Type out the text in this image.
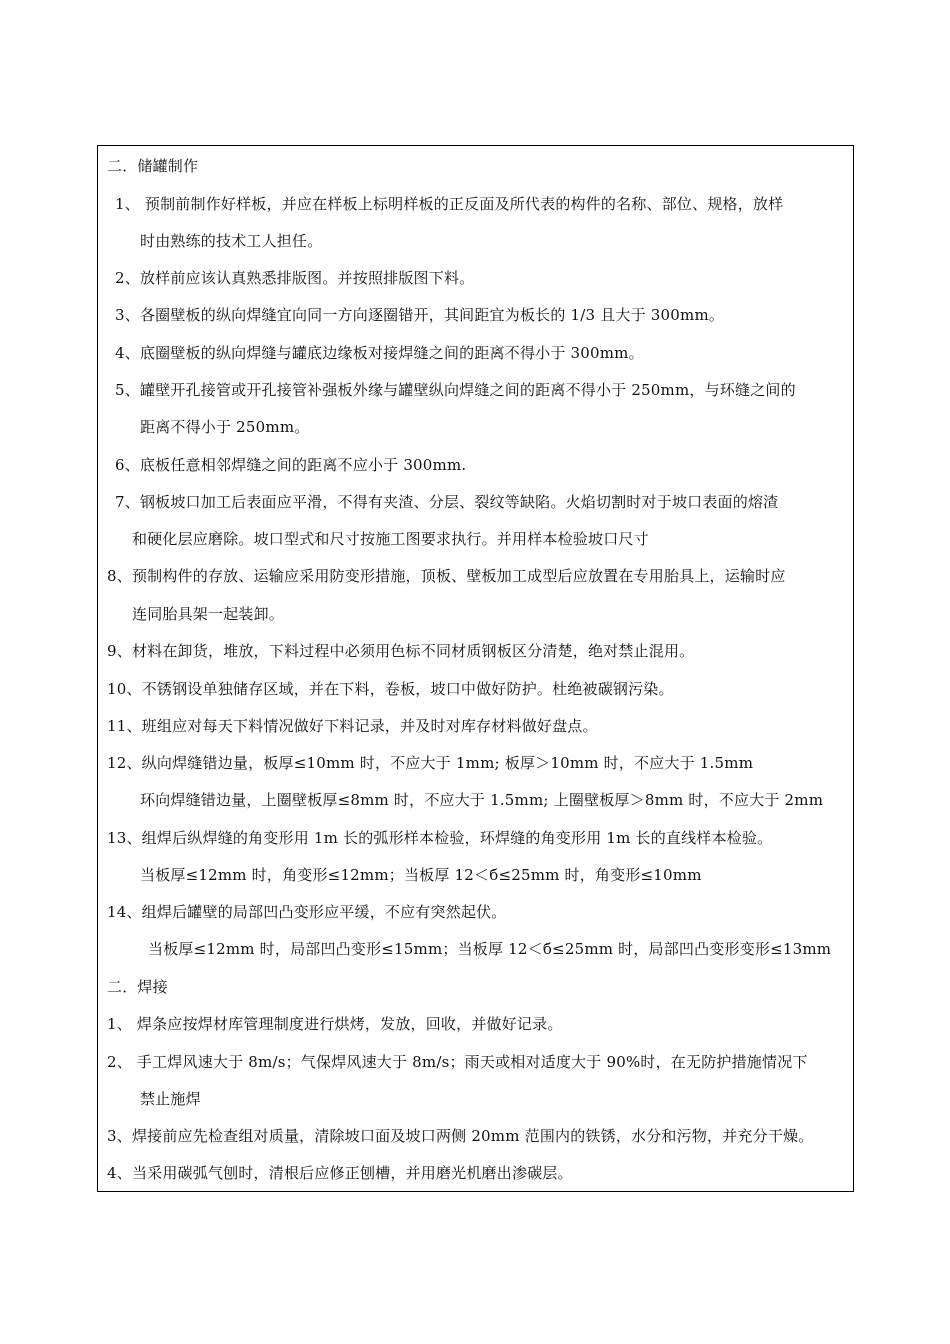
二．储罐制作
1、 预制前制作好样板，并应在样板上标明样板的正反面及所代表的构件的名称、部位、规格，放样
时由熟练的技术工人担任。
2、放样前应该认真熟悉排版图。并按照排版图下料。
3、各圈壁板的纵向焊缝宜向同一方向逐圈错开，其间距宜为板长的 1/3 且大于 300mm。
4、底圈壁板的纵向焊缝与罐底边缘板对接焊缝之间的距离不得小于 300mm。
5、罐壁开孔接管或开孔接管补强板外缘与罐壁纵向焊缝之间的距离不得小于 250mm，与环缝之间的
距离不得小于 250mm。
6、底板任意相邻焊缝之间的距离不应小于 300mm.
7、钢板坡口加工后表面应平滑，不得有夹渣、分层、裂纹等缺陷。火焰切割时对于坡口表面的熔渣
和硬化层应磨除。坡口型式和尺寸按施工图要求执行。并用样本检验坡口尺寸
8、预制构件的存放、运输应采用防变形措施，顶板、壁板加工成型后应放置在专用胎具上，运输时应
连同胎具架一起装卸。
9、材料在卸货，堆放，下料过程中必须用色标不同材质钢板区分清楚，绝对禁止混用。
10、不锈钢设单独储存区域，并在下料，卷板，坡口中做好防护。杜绝被碳钢污染。
11、班组应对每天下料情况做好下料记录，并及时对库存材料做好盘点。
12、纵向焊缝错边量，板厚≤10mm 时，不应大于 1mm; 板厚＞10mm 时，不应大于 1.5mm
环向焊缝错边量，上圈壁板厚≤8mm 时，不应大于 1.5mm; 上圈壁板厚＞8mm 时，不应大于 2mm
13、组焊后纵焊缝的角变形用 1m 长的弧形样本检验，环焊缝的角变形用 1m 长的直线样本检验。
当板厚≤12mm 时，角变形≤12mm；当板厚 12＜б≤25mm 时，角变形≤10mm
14、组焊后罐壁的局部凹凸变形应平缓，不应有突然起伏。
当板厚≤12mm 时，局部凹凸变形≤15mm；当板厚 12＜б≤25mm 时，局部凹凸变形变形≤13mm
二．焊接
1、 焊条应按焊材库管理制度进行烘烤，发放，回收，并做好记录。
2、 手工焊风速大于 8m/s；气保焊风速大于 8m/s；雨天或相对适度大于 90%时，在无防护措施情况下
禁止施焊
3、焊接前应先检查组对质量，清除坡口面及坡口两侧 20mm 范围内的铁锈，水分和污物，并充分干燥。
4、当采用碳弧气刨时，清根后应修正刨槽，并用磨光机磨出渗碳层。
